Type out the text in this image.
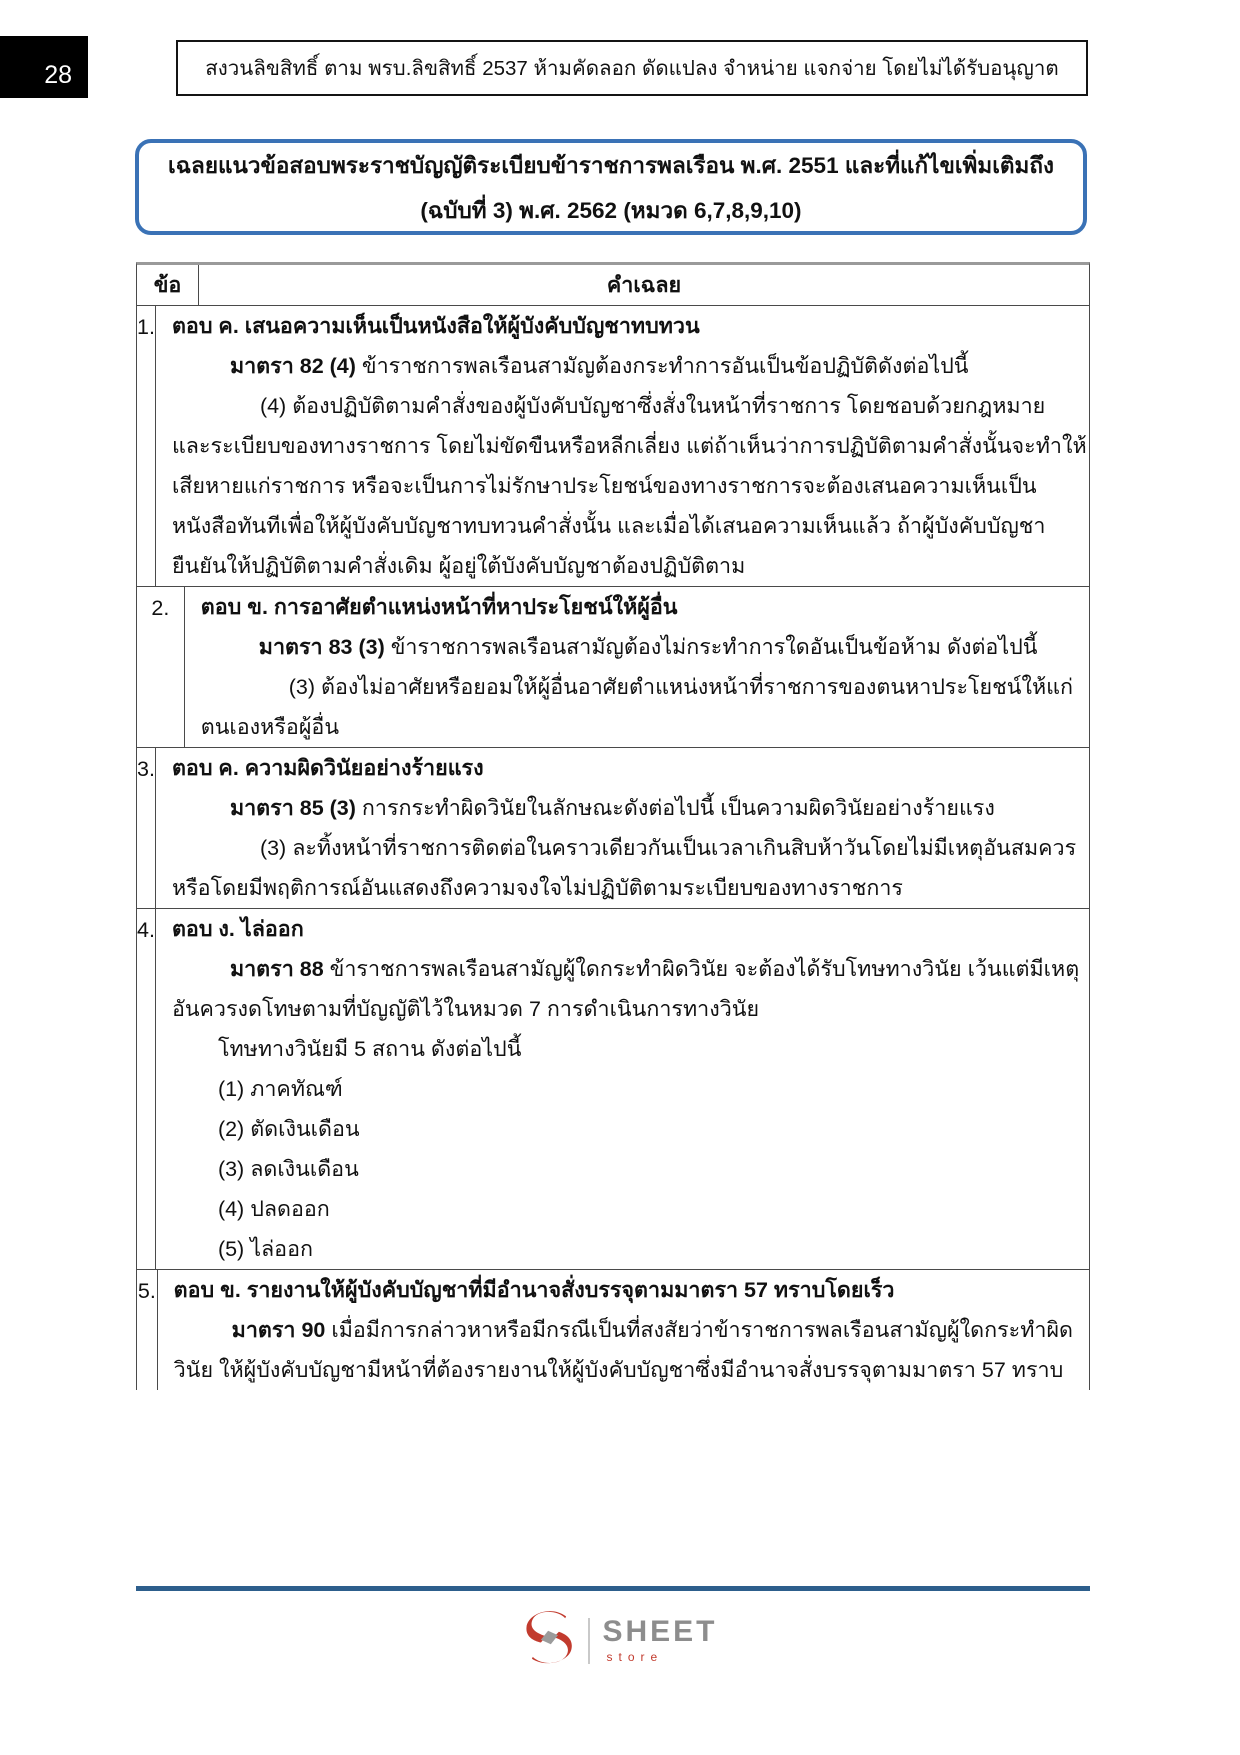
28	สงวนลิขสิทธิ์ ตาม พรบ.ลิขสิทธิ์ 2537 ห้ามคัดลอก ดัดแปลง จำหน่าย แจกจ่าย โดยไม่ได้รับอนุญาต
เฉลยแนวข้อสอบพระราชบัญญัติระเบียบข้าราชการพลเรือน พ.ศ. 2551 และที่แก้ไขเพิ่มเติมถึง
(ฉบับที่ 3) พ.ศ. 2562 (หมวด 6,7,8,9,10)
ข้อ	คำเฉลย
1. ตอบ ค. เสนอความเห็นเป็นหนังสือให้ผู้บังคับบัญชาทบทวน
มาตรา 82 (4) ข้าราชการพลเรือนสามัญต้องกระทำการอันเป็นข้อปฏิบัติดังต่อไปนี้
(4) ต้องปฏิบัติตามคำสั่งของผู้บังคับบัญชาซึ่งสั่งในหน้าที่ราชการ โดยชอบด้วยกฎหมาย
และระเบียบของทางราชการ โดยไม่ขัดขืนหรือหลีกเลี่ยง แต่ถ้าเห็นว่าการปฏิบัติตามคำสั่งนั้นจะทำให้
เสียหายแก่ราชการ หรือจะเป็นการไม่รักษาประโยชน์ของทางราชการจะต้องเสนอความเห็นเป็น
หนังสือทันทีเพื่อให้ผู้บังคับบัญชาทบทวนคำสั่งนั้น และเมื่อได้เสนอความเห็นแล้ว ถ้าผู้บังคับบัญชา
ยืนยันให้ปฏิบัติตามคำสั่งเดิม ผู้อยู่ใต้บังคับบัญชาต้องปฏิบัติตาม
2.	ตอบ ข. การอาศัยตำแหน่งหน้าที่หาประโยชน์ให้ผู้อื่น
มาตรา 83 (3) ข้าราชการพลเรือนสามัญต้องไม่กระทำการใดอันเป็นข้อห้าม ดังต่อไปนี้
(3) ต้องไม่อาศัยหรือยอมให้ผู้อื่นอาศัยตำแหน่งหน้าที่ราชการของตนหาประโยชน์ให้แก่
ตนเองหรือผู้อื่น
3. ตอบ ค. ความผิดวินัยอย่างร้ายแรง
มาตรา 85 (3) การกระทำผิดวินัยในลักษณะดังต่อไปนี้ เป็นความผิดวินัยอย่างร้ายแรง
(3) ละทิ้งหน้าที่ราชการติดต่อในคราวเดียวกันเป็นเวลาเกินสิบห้าวันโดยไม่มีเหตุอันสมควร
หรือโดยมีพฤติการณ์อันแสดงถึงความจงใจไม่ปฏิบัติตามระเบียบของทางราชการ
4. ตอบ ง. ไล่ออก
มาตรา 88 ข้าราชการพลเรือนสามัญผู้ใดกระทำผิดวินัย จะต้องได้รับโทษทางวินัย เว้นแต่มีเหตุ
อันควรงดโทษตามที่บัญญัติไว้ในหมวด 7 การดำเนินการทางวินัย
โทษทางวินัยมี 5 สถาน ดังต่อไปนี้
(1) ภาคทัณฑ์
(2) ตัดเงินเดือน
(3) ลดเงินเดือน
(4) ปลดออก
(5) ไล่ออก
5. ตอบ ข. รายงานให้ผู้บังคับบัญชาที่มีอำนาจสั่งบรรจุตามมาตรา 57 ทราบโดยเร็ว
มาตรา 90 เมื่อมีการกล่าวหาหรือมีกรณีเป็นที่สงสัยว่าข้าราชการพลเรือนสามัญผู้ใดกระทำผิด
วินัย ให้ผู้บังคับบัญชามีหน้าที่ต้องรายงานให้ผู้บังคับบัญชาซึ่งมีอำนาจสั่งบรรจุตามมาตรา 57 ทราบ
SHEET
store
